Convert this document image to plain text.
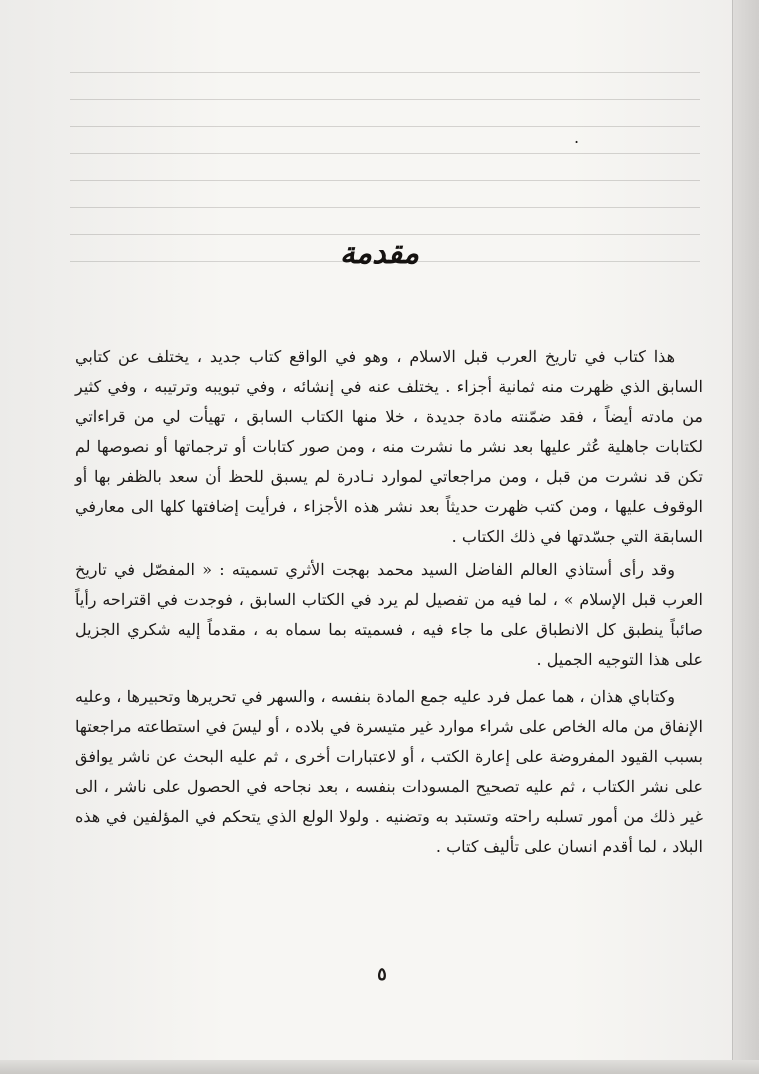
.
مقدمة

هذا كتاب في تاريخ العرب قبل الاسلام ، وهو في الواقع كتاب جديد ، يختلف عن كتابي السابق الذي ظهرت منه ثمانية أجزاء . يختلف عنه في إنشائه ، وفي تبويبه وترتيبه ، وفي كثير من مادته أيضاً ، فقد ضمّنته مادة جديدة ، خلا منها الكتاب السابق ، تهيأت لي من قراءاتي لكتابات جاهلية عُثر عليها بعد نشر ما نشرت منه ، ومن صور كتابات أو ترجماتها أو نصوصها لم تكن قد نشرت من قبل ، ومن مراجعاتي لموارد نـادرة لم يسبق للحظ أن سعد بالظفر بها أو الوقوف عليها ، ومن كتب ظهرت حديثاً بعد نشر هذه الأجزاء ، فرأيت إضافتها كلها الى معارفي السابقة التي جسّدتها في ذلك الكتاب .

وقد رأى أستاذي العالم الفاضل السيد محمد بهجت الأثري تسميته : « المفصّل في تاريخ العرب قبل الإسلام » ، لما فيه من تفصيل لم يرد في الكتاب السابق ، فوجدت في اقتراحه رأياً صائباً ينطبق كل الانطباق على ما جاء فيه ، فسميته بما سماه به ، مقدماً إليه شكري الجزيل على هذا التوجيه الجميل .

وكتاباي هذان ، هما عمل فرد عليه جمع المادة بنفسه ، والسهر في تحريرها وتحبيرها ، وعليه الإنفاق من ماله الخاص على شراء موارد غير متيسرة في بلاده ، أو ليسَ في استطاعته مراجعتها بسبب القيود المفروضة على إعارة الكتب ، أو لاعتبارات أخرى ، ثم عليه البحث عن ناشر يوافق على نشر الكتاب ، ثم عليه تصحيح المسودات بنفسه ، بعد نجاحه في الحصول على ناشر ، الى غير ذلك من أمور تسلبه راحته وتستبد به وتضنيه . ولولا الولع الذي يتحكم في المؤلفين في هذه البلاد ، لما أقدم انسان على تأليف كتاب .

٥
